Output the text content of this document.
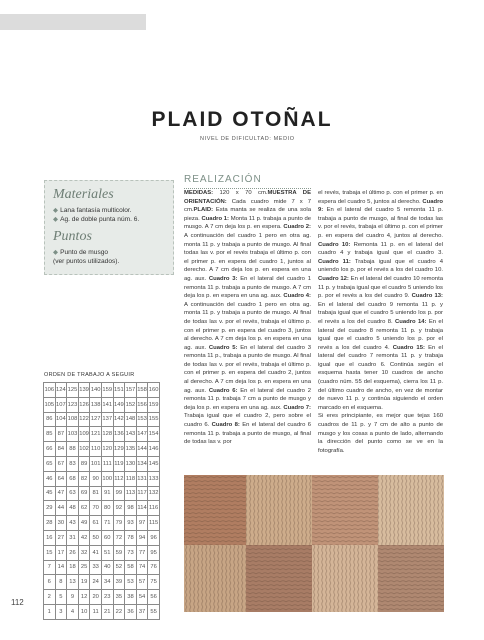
PLAID OTOÑAL
NIVEL DE DIFICULTAD: MEDIO
Materiales
◆ Lana fantasía multicolor.
◆ Ag. de doble punta núm. 6.
Puntos
◆ Punto de musgo
(ver puntos utilizados).
ORDEN DE TRABAJO A SEGUIR
106	124	125	139	140	159	151	157	158	160
105	107	123	126	138	141	149	152	156	159
86	104	108	122	127	137	142	148	153	155
85	87	103	109	121	128	136	143	147	154
66	84	88	102	110	120	129	135	144	146
65	67	83	89	101	111	119	130	134	145
46	64	68	82	90	100	112	118	131	133
45	47	63	69	81	91	99	113	117	132
29	44	48	62	70	80	92	98	114	116
28	30	43	49	61	71	79	93	97	115
16	27	31	42	50	60	72	78	94	96
15	17	26	32	41	51	59	73	77	95
7	14	18	25	33	40	52	58	74	76
6	8	13	19	24	34	39	53	57	75
2	5	9	12	20	23	35	38	54	56
1	3	4	10	11	21	22	36	37	55
112
REALIZACIÓN

MEDIDAS: 120 x 70 cm.MUESTRA DE ORIENTACIÓN: Cada cuadro mide 7 x 7 cm.PLAID: Esta manta se realiza de una sola pieza. Cuadro 1: Monta 11 p. trabaja a punto de musgo. A 7 cm deja los p. en espera. Cuadro 2: A continuación del cuadro 1 pero en otra ag. monta 11 p. y trabaja a punto de musgo. Al final todas las v. por el revés trabaja el último p. con el primer p. en espera del cuadro 1, juntos al derecho. A 7 cm deja los p. en espera en una ag. aux. Cuadro 3: En el lateral del cuadro 1 remonta 11 p. trabaja a punto de musgo. A 7 cm deja los p. en espera en una ag. aux. Cuadro 4: A continuación del cuadro 1 pero en otra ag. monta 11 p. y trabaja a punto de musgo. Al final de todas las v. por el revés, trabaja el último p. con el primer p. en espera del cuadro 3, juntos al derecho. A 7 cm deja los p. en espera en una ag. aux. Cuadro 5: En el lateral del cuadro 3 remonta 11 p., trabaja a punto de musgo. Al final de todas las v. por el revés, trabaja el último p. con el primer p. en espera del cuadro 2, juntos al derecho. A 7 cm deja los p. en espera en una ag. aux. Cuadro 6: En el lateral del cuadro 2 remonta 11 p. trabaja 7 cm a punto de musgo y deja los p. en espera en una ag. aux. Cuadro 7: Trabaja igual que el cuadro 2, pero sobre el cuadro 6. Cuadro 8: En el lateral del cuadro 6 remonta 11 p. trabaja a punto de musgo, al final de todas las v. por

el revés, trabaja el último p. con el primer p. en espera del cuadro 5, juntos al derecho. Cuadro 9: En el lateral del cuadro 5 remonta 11 p. trabaja a punto de musgo, al final de todas las v. por el revés, trabaja el último p. con el primer p. en espera del cuadro 4, juntos al derecho. Cuadro 10: Remonta 11 p. en el lateral del cuadro 4 y trabaja igual que el cuadro 3. Cuadro 11: Trabaja igual que el cuadro 4 uniendo los p. por el revés a los del cuadro 10. Cuadro 12: En el lateral del cuadro 10 remonta 11 p. y trabaja igual que el cuadro 5 uniendo los p. por el revés a los del cuadro 9. Cuadro 13: En el lateral del cuadro 9 remonta 11 p. y trabaja igual que el cuadro 5 uniendo los p. por el revés a los del cuadro 8. Cuadro 14: En el lateral del cuadro 8 remonta 11 p. y trabaja igual que el cuadro 5 uniendo los p. por el revés a los del cuadro 4. Cuadro 15: En el lateral del cuadro 7 remonta 11 p. y trabaja igual que el cuadro 6. Continúa según el esquema hasta tener 10 cuadros de ancho (cuadro núm. 55 del esquema), cierra los 11 p. del último cuadro de ancho, en vez de montar de nuevo 11 p. y continúa siguiendo el orden marcado en el esquema.

Si eres principiante, es mejor que tejas 160 cuadros de 11 p. y 7 cm de alto a punto de musgo y los cosas a punto de lado, alternando la dirección del punto como se ve en la fotografía.
